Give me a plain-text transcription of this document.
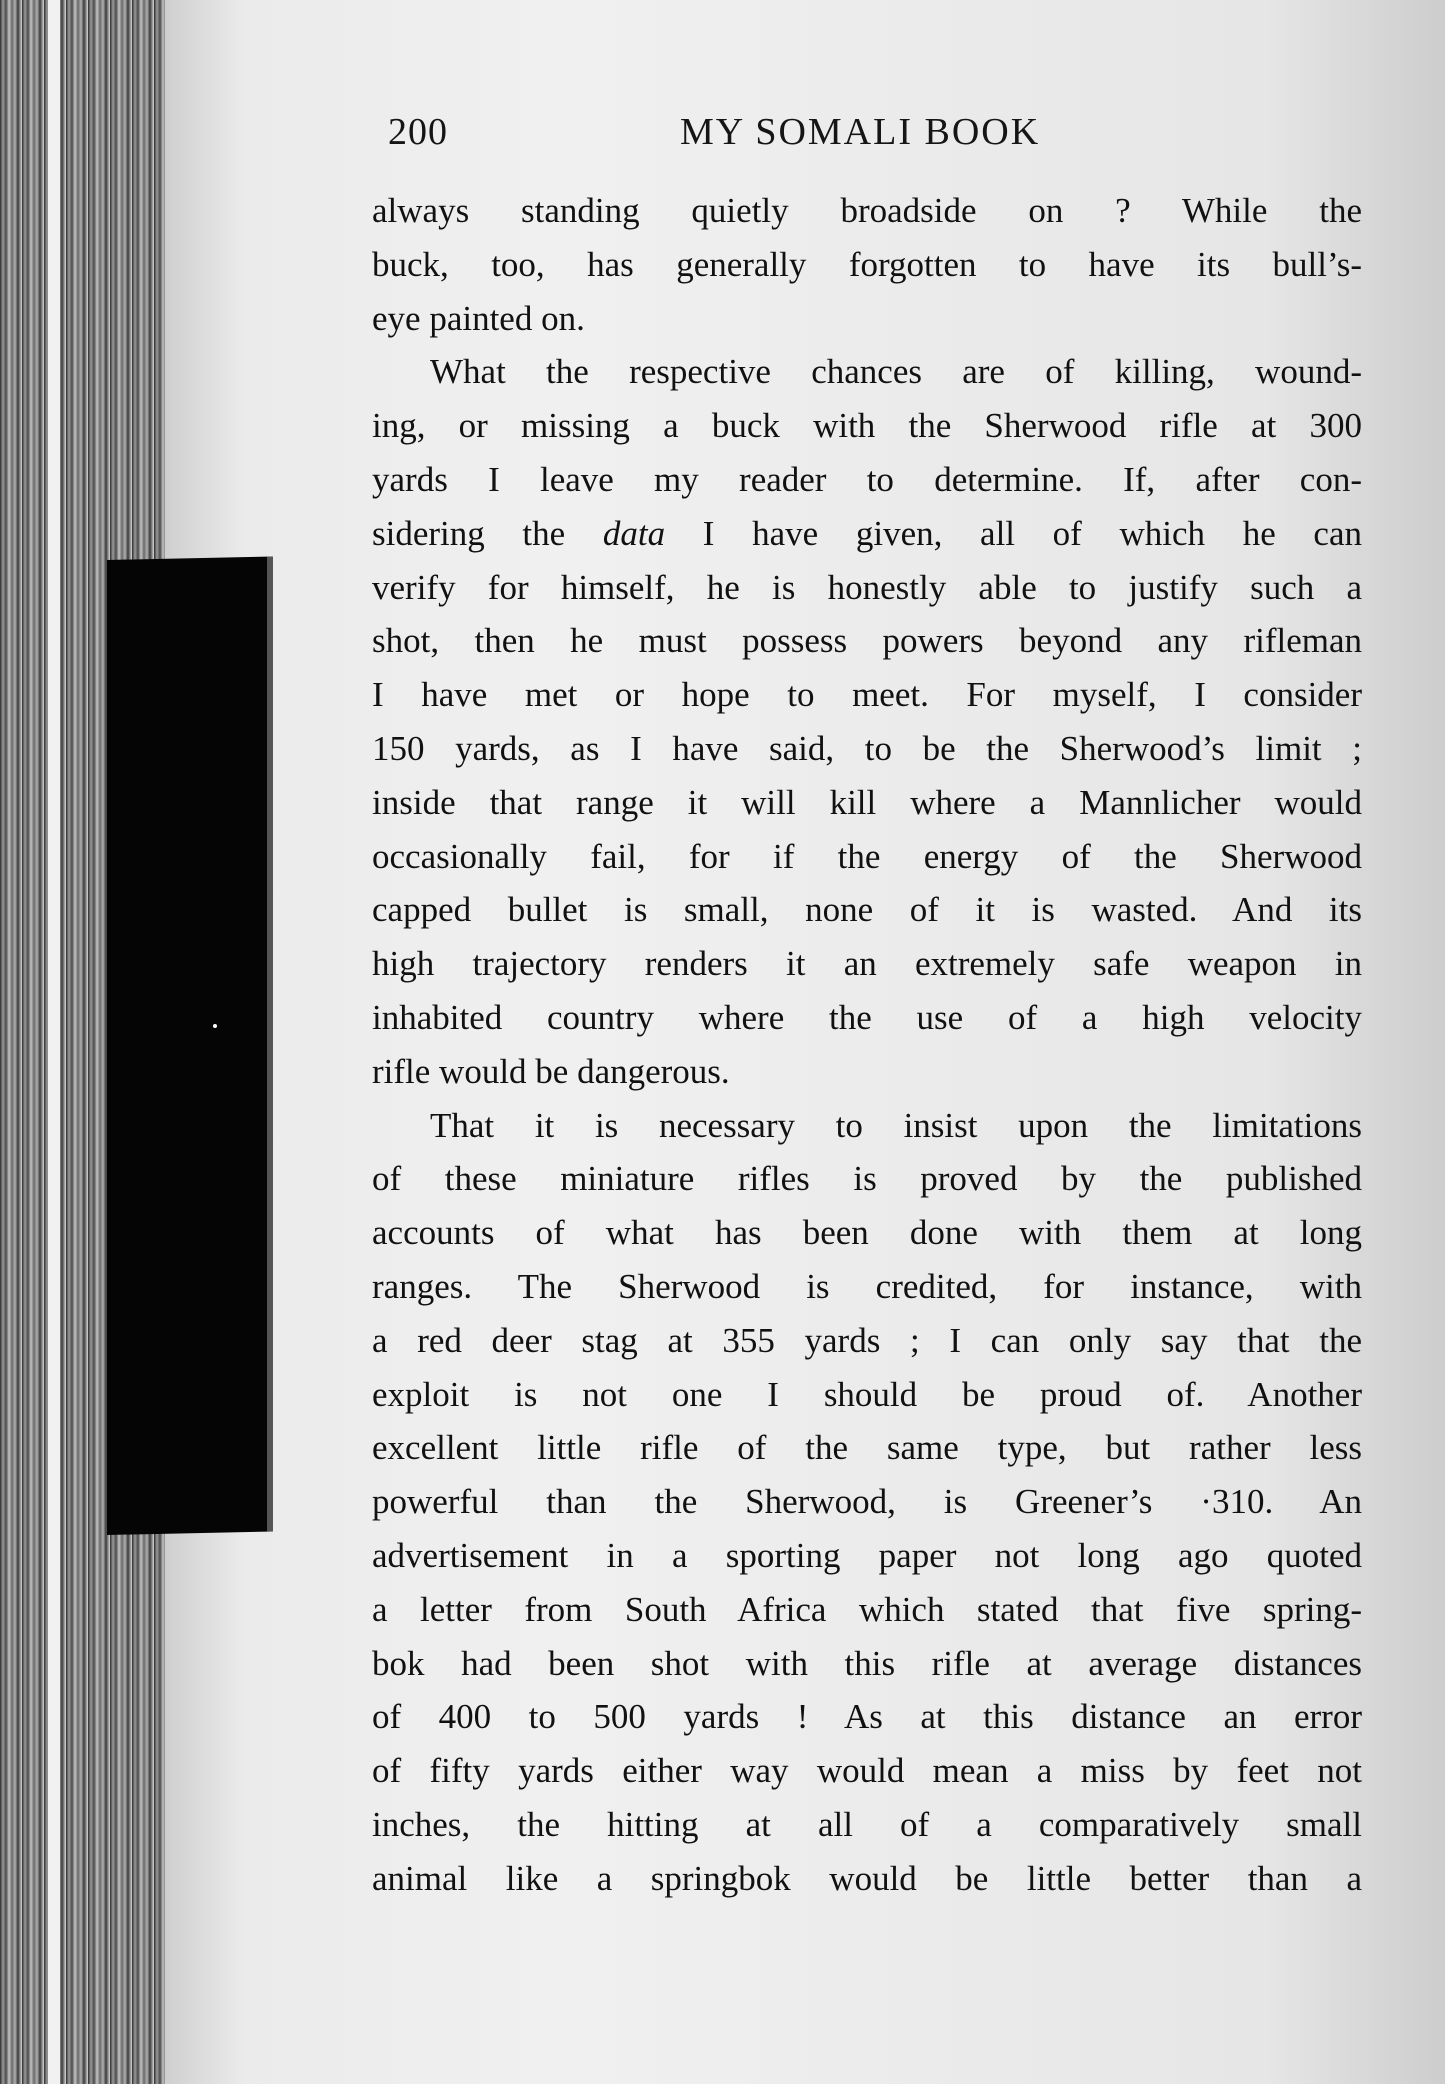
200	MY SOMALI BOOK
always standing quietly broadside on ? While the
buck, too, has generally forgotten to have its bull’s-
eye painted on.
What the respective chances are of killing, wound-
ing, or missing a buck with the Sherwood rifle at 300
yards I leave my reader to determine. If, after con-
sidering the data I have given, all of which he can
verify for himself, he is honestly able to justify such a
shot, then he must possess powers beyond any rifleman
I have met or hope to meet. For myself, I consider
150 yards, as I have said, to be the Sherwood’s limit ;
inside that range it will kill where a Mannlicher would
occasionally fail, for if the energy of the Sherwood
capped bullet is small, none of it is wasted. And its
high trajectory renders it an extremely safe weapon in
inhabited country where the use of a high velocity
rifle would be dangerous.
That it is necessary to insist upon the limitations
of these miniature rifles is proved by the published
accounts of what has been done with them at long
ranges. The Sherwood is credited, for instance, with
a red deer stag at 355 yards ; I can only say that the
exploit is not one I should be proud of. Another
excellent little rifle of the same type, but rather less
powerful than the Sherwood, is Greener’s ·310. An
advertisement in a sporting paper not long ago quoted
a letter from South Africa which stated that five spring-
bok had been shot with this rifle at average distances
of 400 to 500 yards ! As at this distance an error
of fifty yards either way would mean a miss by feet not
inches, the hitting at all of a comparatively small
animal like a springbok would be little better than a
